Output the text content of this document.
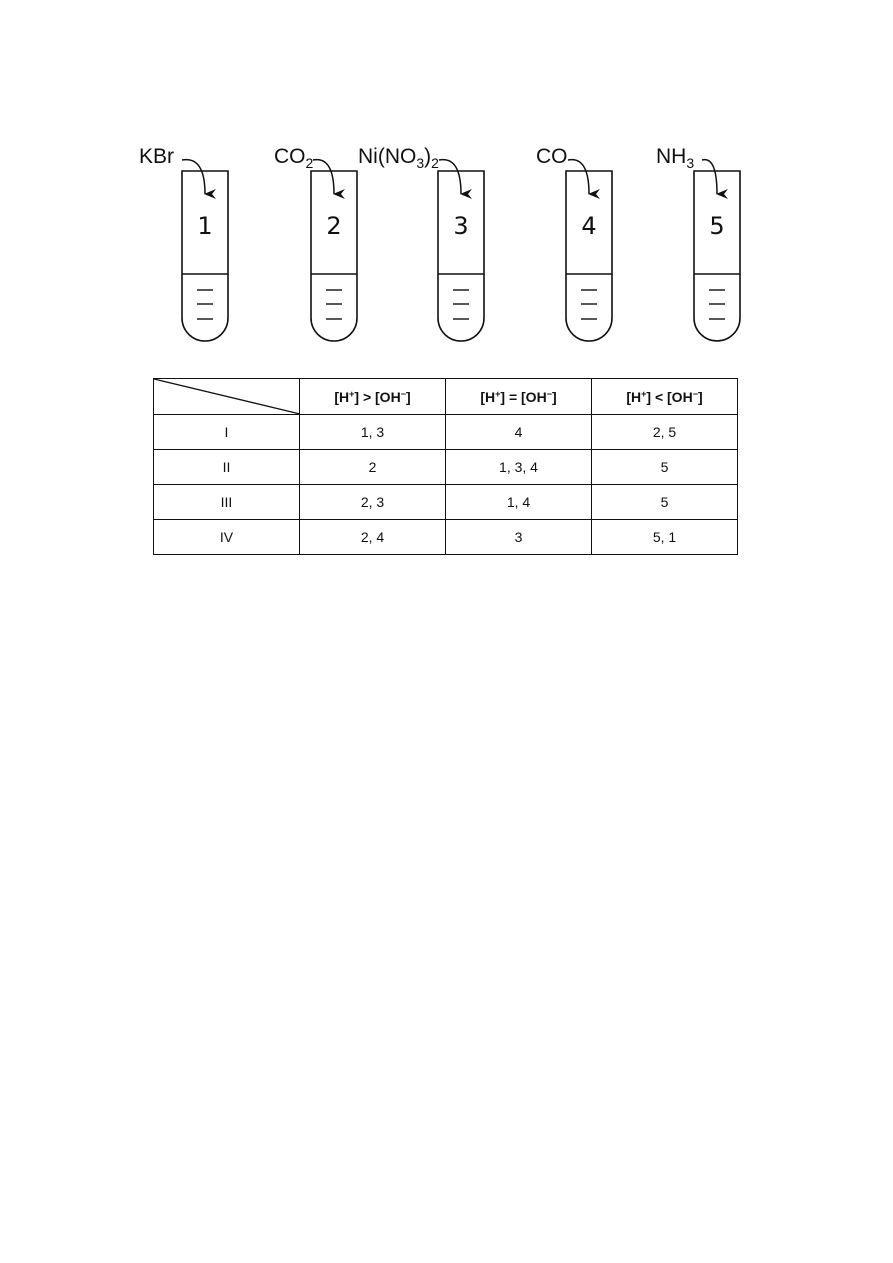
1
KBr
2
$CO_2$
3
$Ni(NO_3)_2$
4
CO
5
$NH_3$
	[H+] > [OH−]	[H+] = [OH−]	[H+] < [OH−]
I	1, 3	4	2, 5
II	2	1, 3, 4	5
III	2, 3	1, 4	5
IV	2, 4	3	5, 1
